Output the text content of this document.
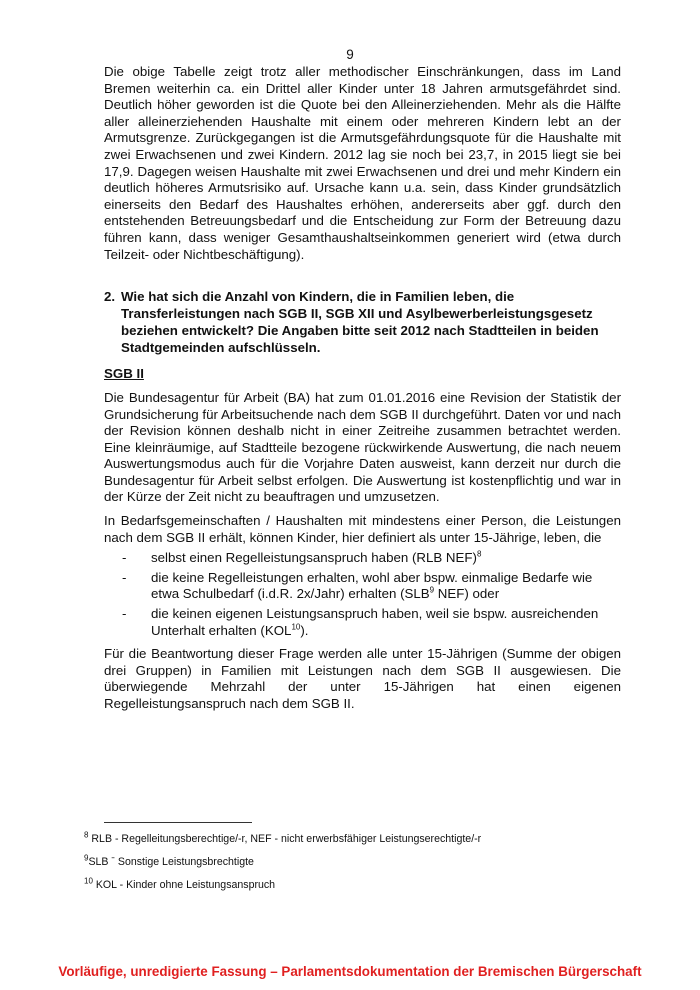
9

Die obige Tabelle zeigt trotz aller methodischer Einschränkungen, dass im Land Bremen weiterhin ca. ein Drittel aller Kinder unter 18 Jahren armutsgefährdet sind. Deutlich höher geworden ist die Quote bei den Alleinerziehenden. Mehr als die Hälfte aller alleinerziehenden Haushalte mit einem oder mehreren Kindern lebt an der Armutsgrenze. Zurückgegangen ist die Armutsgefährdungsquote für die Haushalte mit zwei Erwachsenen und zwei Kindern. 2012 lag sie noch bei 23,7, in 2015 liegt sie bei 17,9. Dagegen weisen Haushalte mit zwei Erwachsenen und drei und mehr Kindern ein deutlich höheres Armutsrisiko auf. Ursache kann u.a. sein, dass Kinder grundsätzlich einerseits den Bedarf des Haushaltes erhöhen, andererseits aber ggf. durch den entstehenden Betreuungsbedarf und die Entscheidung zur Form der Betreuung dazu führen kann, dass weniger Gesamthaushaltseinkommen generiert wird (etwa durch Teilzeit- oder Nichtbeschäftigung).

2. Wie hat sich die Anzahl von Kindern, die in Familien leben, die Transferleistungen nach SGB II, SGB XII und Asylbewerberleistungsgesetz beziehen entwickelt? Die Angaben bitte seit 2012 nach Stadtteilen in beiden Stadtgemeinden aufschlüsseln.
SGB II

Die Bundesagentur für Arbeit (BA) hat zum 01.01.2016 eine Revision der Statistik der Grundsicherung für Arbeitsuchende nach dem SGB II durchgeführt. Daten vor und nach der Revision können deshalb nicht in einer Zeitreihe zusammen betrachtet werden. Eine kleinräumige, auf Stadtteile bezogene rückwirkende Auswertung, die nach neuem Auswertungsmodus auch für die Vorjahre Daten ausweist, kann derzeit nur durch die Bundesagentur für Arbeit selbst erfolgen. Die Auswertung ist kostenpflichtig und war in der Kürze der Zeit nicht zu beauftragen und umzusetzen.

In Bedarfsgemeinschaften / Haushalten mit mindestens einer Person, die Leistungen nach dem SGB II erhält, können Kinder, hier definiert als unter 15-Jährige, leben, die

-	selbst einen Regelleistungsanspruch haben (RLB NEF)$^8$
-	die keine Regelleistungen erhalten, wohl aber bspw. einmalige Bedarfe wie etwa Schulbedarf (i.d.R. 2x/Jahr) erhalten (SLB$^9$ NEF) oder
-	die keinen eigenen Leistungsanspruch haben, weil sie bspw. ausreichenden Unterhalt erhalten (KOL$^{10}$).

Für die Beantwortung dieser Frage werden alle unter 15-Jährigen (Summe der obigen drei Gruppen) in Familien mit Leistungen nach dem SGB II ausgewiesen. Die überwiegende Mehrzahl der unter 15-Jährigen hat einen eigenen Regelleistungsanspruch nach dem SGB II.

$^8$ RLB - Regelleitungsberechtige/-r, NEF - nicht erwerbsfähiger Leistungserechtigte/-r
$^9$SLB ˉ Sonstige Leistungsbrechtigte
$^{10}$ KOL - Kinder ohne Leistungsanspruch
Vorläufige, unredigierte Fassung – Parlamentsdokumentation der Bremischen Bürgerschaft
